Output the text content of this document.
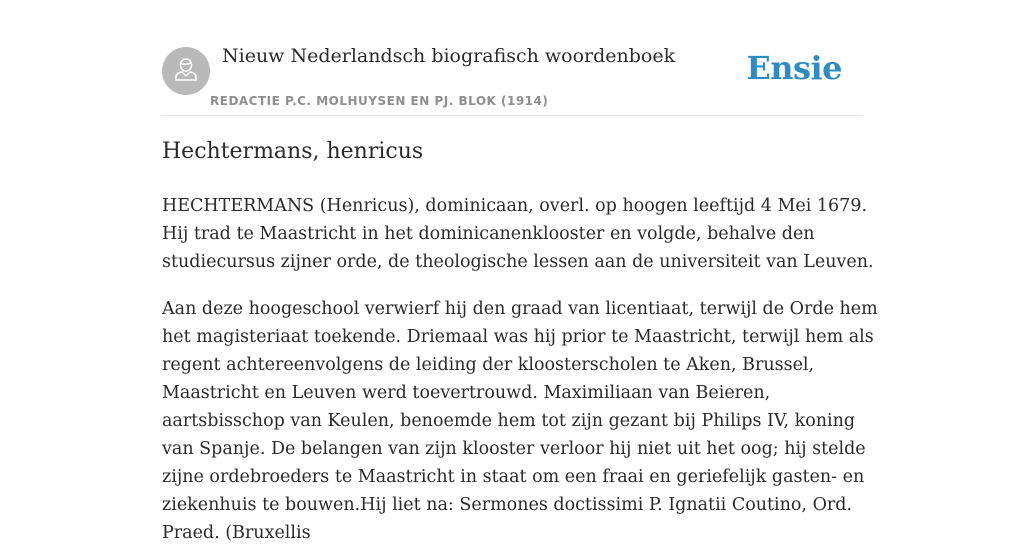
Nieuw Nederlandsch biografisch woordenboek

REDACTIE P.C. MOLHUYSEN EN PJ. BLOK (1914)

Ensie

Hechtermans, henricus

HECHTERMANS (Henricus), dominicaan, overl. op hoogen leeftijd 4 Mei 1679. Hij trad te Maastricht in het dominicanenklooster en volgde, behalve den studiecursus zijner orde, de theologische lessen aan de universiteit van Leuven.

Aan deze hoogeschool verwierf hij den graad van licentiaat, terwijl de Orde hem het magisteriaat toekende. Driemaal was hij prior te Maastricht, terwijl hem als regent achtereenvolgens de leiding der kloosterscholen te Aken, Brussel, Maastricht en Leuven werd toevertrouwd. Maximiliaan van Beieren, aartsbisschop van Keulen, benoemde hem tot zijn gezant bij Philips IV, koning van Spanje. De belangen van zijn klooster verloor hij niet uit het oog; hij stelde zijne ordebroeders te Maastricht in staat om een fraai en geriefelijk gasten- en ziekenhuis te bouwen.Hij liet na: Sermones doctissimi P. Ignatii Coutino, Ord. Praed. (Bruxellis
